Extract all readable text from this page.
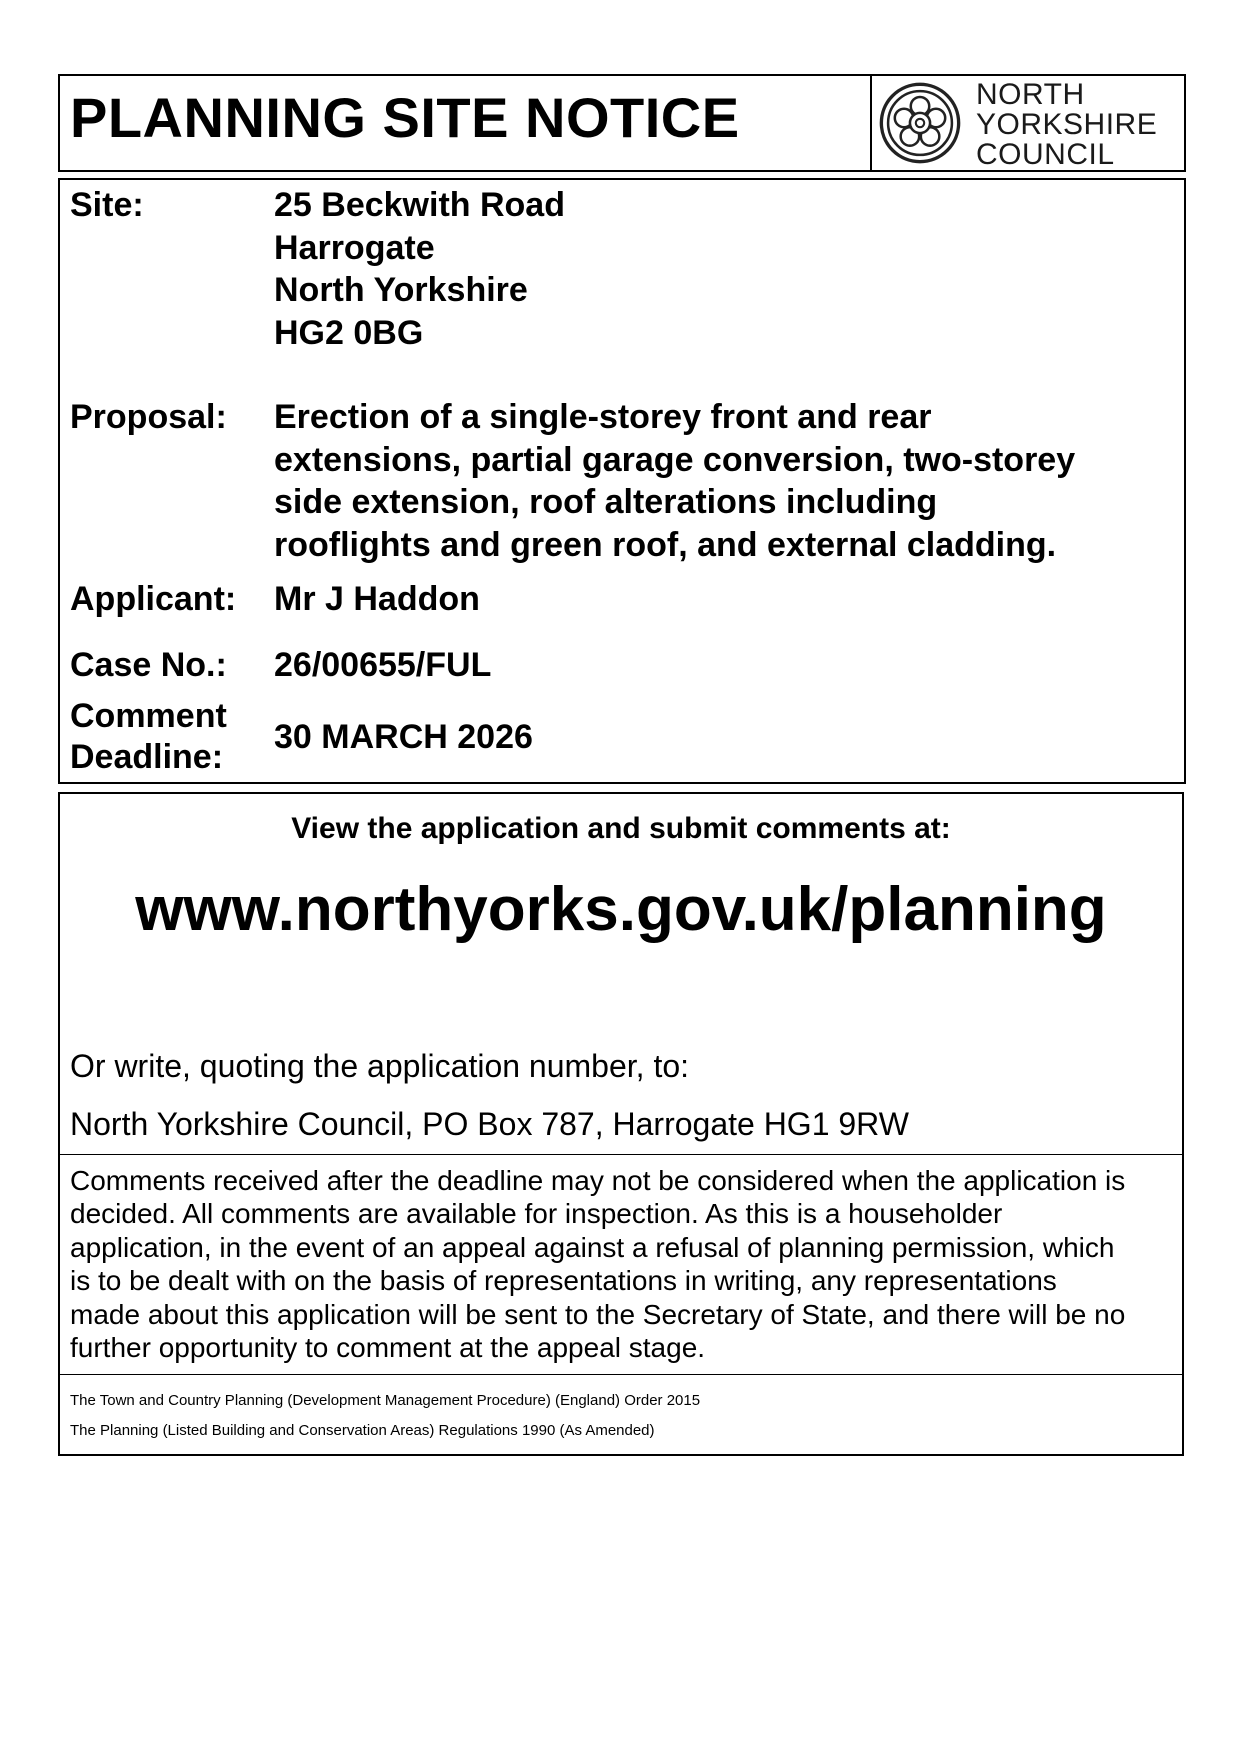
PLANNING SITE NOTICE	NORTH
YORKSHIRE
COUNCIL
Site:	25 Beckwith Road
Harrogate
North Yorkshire
HG2 0BG
Proposal: Erection of a single-storey front and rear
extensions, partial garage conversion, two-storey
side extension, roof alterations including
rooflights and green roof, and external cladding.
Applicant: Mr J Haddon
Case No.: 26/00655/FUL
Comment
Deadline:
30 MARCH 2026
View the application and submit comments at:
www.northyorks.gov.uk/planning
Or write, quoting the application number, to:
North Yorkshire Council, PO Box 787, Harrogate HG1 9RW
Comments received after the deadline may not be considered when the application is
decided. All comments are available for inspection. As this is a householder
application, in the event of an appeal against a refusal of planning permission, which
is to be dealt with on the basis of representations in writing, any representations
made about this application will be sent to the Secretary of State, and there will be no
further opportunity to comment at the appeal stage.
The Town and Country Planning (Development Management Procedure) (England) Order 2015
The Planning (Listed Building and Conservation Areas) Regulations 1990 (As Amended)
